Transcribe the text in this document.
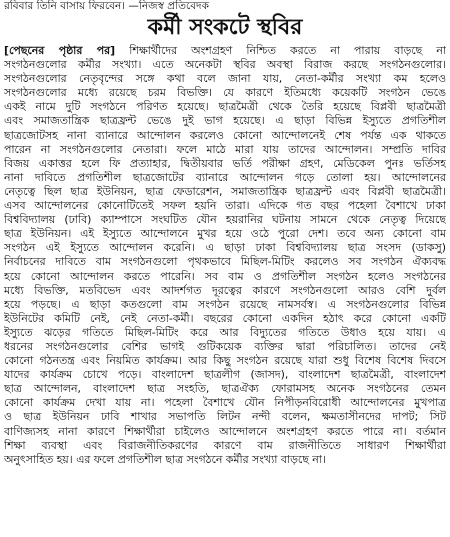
রবিবার তিনি বাসায় ফিরবেন। —নিজস্ব প্রতিবেদক
কর্মী সংকটে স্থবির
[পেছনের পৃষ্ঠার পর] শিক্ষার্থীদের অংশগ্রহণ নিশ্চিত করতে না পারায় বাড়ছে না
সংগঠনগুলোর কর্মীর সংখ্যা। এতে অনেকটা স্থবির অবস্থা বিরাজ করছে সংগঠনগুলোর।
সংগঠনগুলোর নেতৃবৃন্দের সঙ্গে কথা বলে জানা যায়, নেতা-কর্মীর সংখ্যা কম হলেও
সংগঠনগুলোর মধ্যে রয়েছে চরম বিভক্তি। যে কারণে ইতিমধ্যে কয়েকটি সংগঠন ভেঙে
একই নামে দুটি সংগঠনে পরিণত হয়েছে। ছাত্রমৈত্রী থেকে তৈরি হয়েছে বিপ্লবী ছাত্রমৈত্রী
এবং সমাজতান্ত্রিক ছাত্রফ্রন্ট ভেঙে দুই ভাগ হয়েছে। এ ছাড়া বিভিন্ন ইস্যুতে প্রগতিশীল
ছাত্রজোটসহ নানা ব্যানারে আন্দোলন করলেও কোনো আন্দোলনেই শেষ পর্যন্ত এক থাকতে
পারেন না সংগঠনগুলোর নেতারা। ফলে মাঠে মারা যায় তাদের আন্দোলন। সম্প্রতি দাবির
বিজয় একাত্তর হলে ফি প্রত্যাহার, দ্বিতীয়বার ভর্তি পরীক্ষা গ্রহণ, মেডিকেল পুনঃ ভর্তিসহ
নানা দাবিতে প্রগতিশীল ছাত্রজোটের ব্যানারে আন্দোলন গড়ে তোলা হয়। আন্দোলনের
নেতৃত্বে ছিল ছাত্র ইউনিয়ন, ছাত্র ফেডারেশন, সমাজতান্ত্রিক ছাত্রফ্রন্ট এবং বিপ্লবী ছাত্রমৈত্রী।
এসব আন্দোলনের কোনোটিতেই সফল হয়নি তারা। এদিকে গত বছর পহেলা বৈশাখে ঢাকা
বিশ্ববিদ্যালয় (ঢাবি) ক্যাম্পাসে সংঘটিত যৌন হয়রানির ঘটনায় সামনে থেকে নেতৃত্ব দিয়েছে
ছাত্র ইউনিয়ন। এই ইস্যুতে আন্দোলনে মুখর হয়ে ওঠে পুরো দেশ। তবে অন্য কোনো বাম
সংগঠন এই ইস্যুতে আন্দোলন করেনি। এ ছাড়া ঢাকা বিশ্ববিদ্যালয় ছাত্র সংসদ (ডাকসু)
নির্বাচনের দাবিতে বাম সংগঠনগুলো পৃথকভাবে মিছিল-মিটিং করলেও সব সংগঠন ঐক্যবদ্ধ
হয়ে কোনো আন্দোলন করতে পারেনি। সব বাম ও প্রগতিশীল সংগঠন হলেও সংগঠনের
মধ্যে বিভক্তি, মতবিভেদ এবং আদর্শগত দূরত্বের কারণে সংগঠনগুলো আরও বেশি দুর্বল
হয়ে পড়ছে। এ ছাড়া কতগুলো বাম সংগঠন রয়েছে নামসর্বস্ব। এ সংগঠনগুলোর বিভিন্ন
ইউনিটের কমিটি নেই, নেই নেতা-কর্মী। বছরের কোনো একদিন হঠাৎ করে কোনো একটি
ইস্যুতে ঝড়ের গতিতে মিছিল-মিটিং করে আর বিদ্যুতের গতিতে উধাও হয়ে যায়। এ
ধরনের সংগঠনগুলোর বেশির ভাগই গুটিকয়েক ব্যক্তির দ্বারা পরিচালিত। তাদের নেই
কোনো গঠনতন্ত্র এবং নিয়মিত কার্যক্রম। আর কিছু সংগঠন রয়েছে যারা শুধু বিশেষ বিশেষ দিবসে
যাদের কার্যক্রম চোখে পড়ে। বাংলাদেশ ছাত্রলীগ (জাসদ), বাংলাদেশ ছাত্রমৈত্রী, বাংলাদেশ
ছাত্র আন্দোলন, বাংলাদেশ ছাত্র সংহতি, ছাত্রঐক্য ফোরামসহ অনেক সংগঠনের তেমন
কোনো কার্যক্রম দেখা যায় না। পহেলা বৈশাখে যৌন নিপীড়নবিরোধী আন্দোলনের মুখপাত্র
ও ছাত্র ইউনিয়ন ঢাবি শাখার সভাপতি লিটন নন্দী বলেন, ক্ষমতাসীনদের দাপট; সিট
বাণিজ্যসহ নানা কারণে শিক্ষার্থীরা চাইলেও আন্দোলনে অংশগ্রহণ করতে পারে না। বর্তমান
শিক্ষা ব্যবস্থা এবং বিরাজনীতিকরণের কারণে বাম রাজনীতিতে সাধারণ শিক্ষার্থীরা
অনুৎসাহিত হয়। এর ফলে প্রগতিশীল ছাত্র সংগঠনে কর্মীর সংখ্যা বাড়ছে না।
